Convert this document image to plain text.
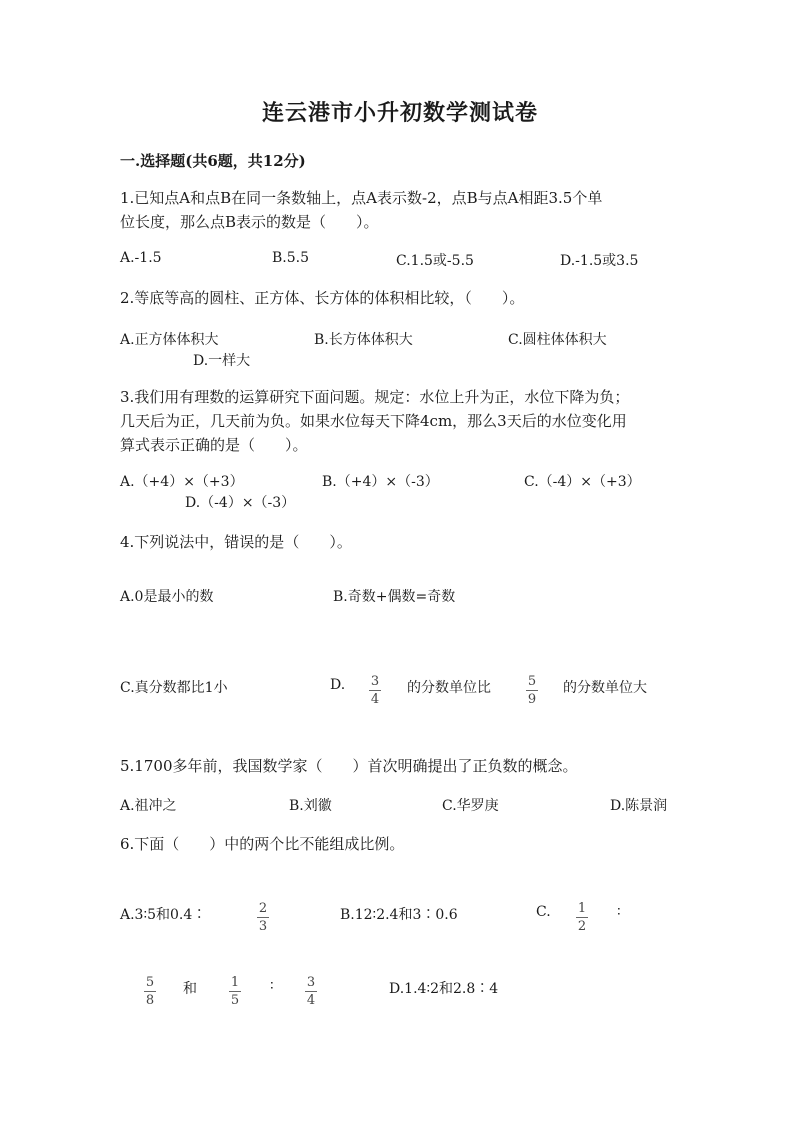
连云港市小升初数学测试卷
一.选择题(共6题，共12分)
1.已知点A和点B在同一条数轴上，点A表示数-2，点B与点A相距3.5个单
位长度，那么点B表示的数是（　　）。
A.-1.5	B.5.5	C.1.5或-5.5	D.-1.5或3.5
2.等底等高的圆柱、正方体、长方体的体积相比较，（　　）。
A.正方体体积大	B.长方体体积大	C.圆柱体体积大
D.一样大
3.我们用有理数的运算研究下面问题。规定：水位上升为正，水位下降为负；
几天后为正，几天前为负。如果水位每天下降4cm，那么3天后的水位变化用
算式表示正确的是（　　）。
A.（+4）×（+3）	B.（+4）×（-3）	C.（-4）×（+3）
D.（-4）×（-3）
4.下列说法中，错误的是（　　）。
A.0是最小的数	B.奇数+偶数=奇数
C.真分数都比1小	D. $\frac{3}{4}$ 的分数单位比	$\frac{5}{9}$ 的分数单位大
5.1700多年前，我国数学家（　　）首次明确提出了正负数的概念。
A.祖冲之	B.刘徽	C.华罗庚	D.陈景润
6.下面（　　）中的两个比不能组成比例。
A.3∶5和0.4∶	$\frac{2}{3}$	B.12∶2.4和3∶0.6	C. $\frac{1}{2}$ ∶
$\frac{5}{8}$ 和 $\frac{1}{5}$ ∶ $\frac{3}{4}$	D.1.4∶2和2.8∶4
